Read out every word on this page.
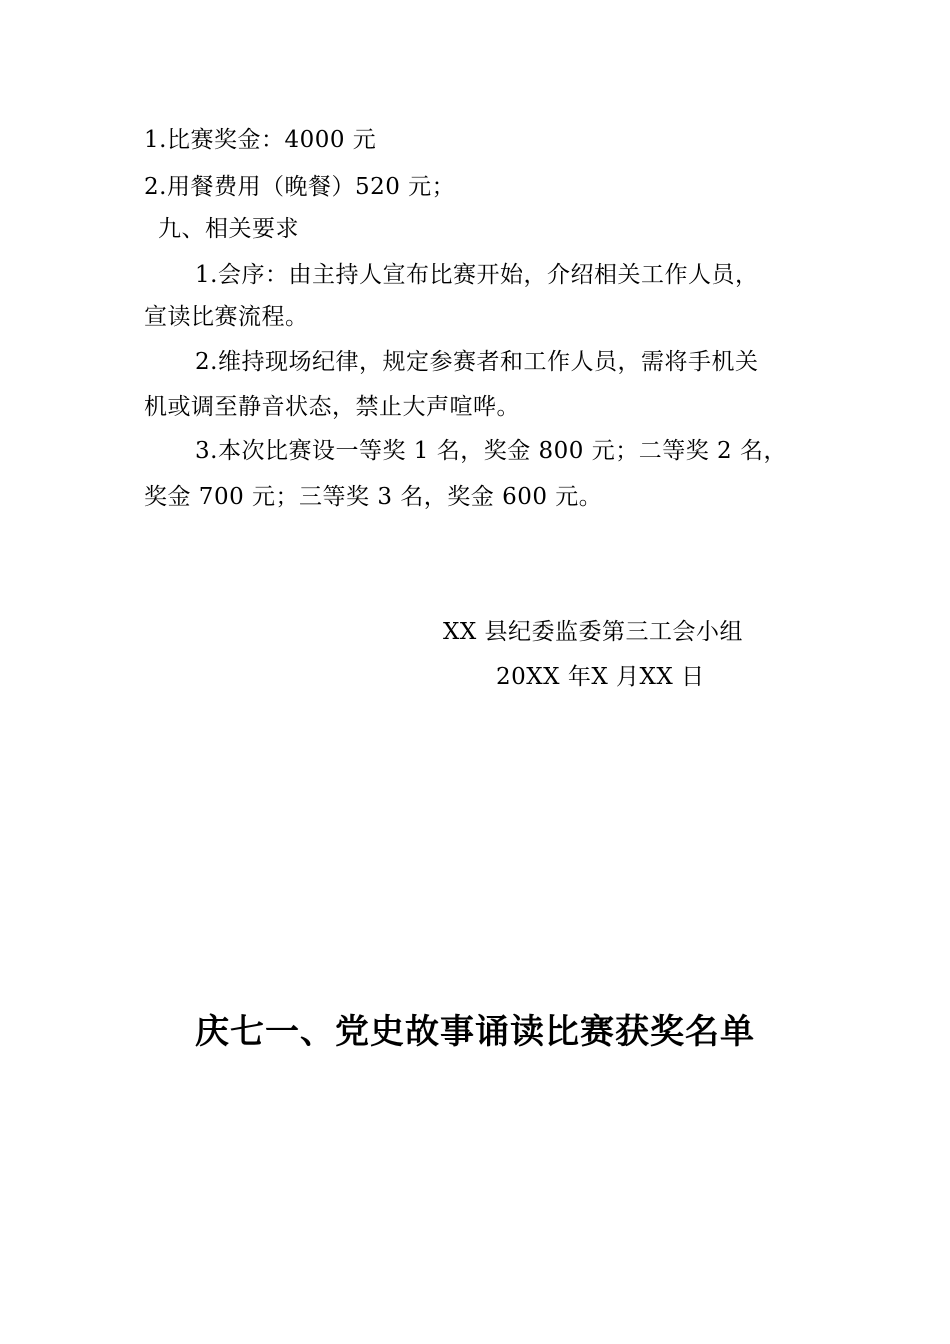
1.比赛奖金：4000 元
2.用餐费用（晚餐）520 元；
九、相关要求
1.会序：由主持人宣布比赛开始，介绍相关工作人员，
宣读比赛流程。
2.维持现场纪律，规定参赛者和工作人员，需将手机关
机或调至静音状态，禁止大声喧哗。
3.本次比赛设一等奖 1 名，奖金 800 元；二等奖 2 名，
奖金 700 元；三等奖 3 名，奖金 600 元。
XX 县纪委监委第三工会小组
20XX 年X 月XX 日
庆七一、党史故事诵读比赛获奖名单
